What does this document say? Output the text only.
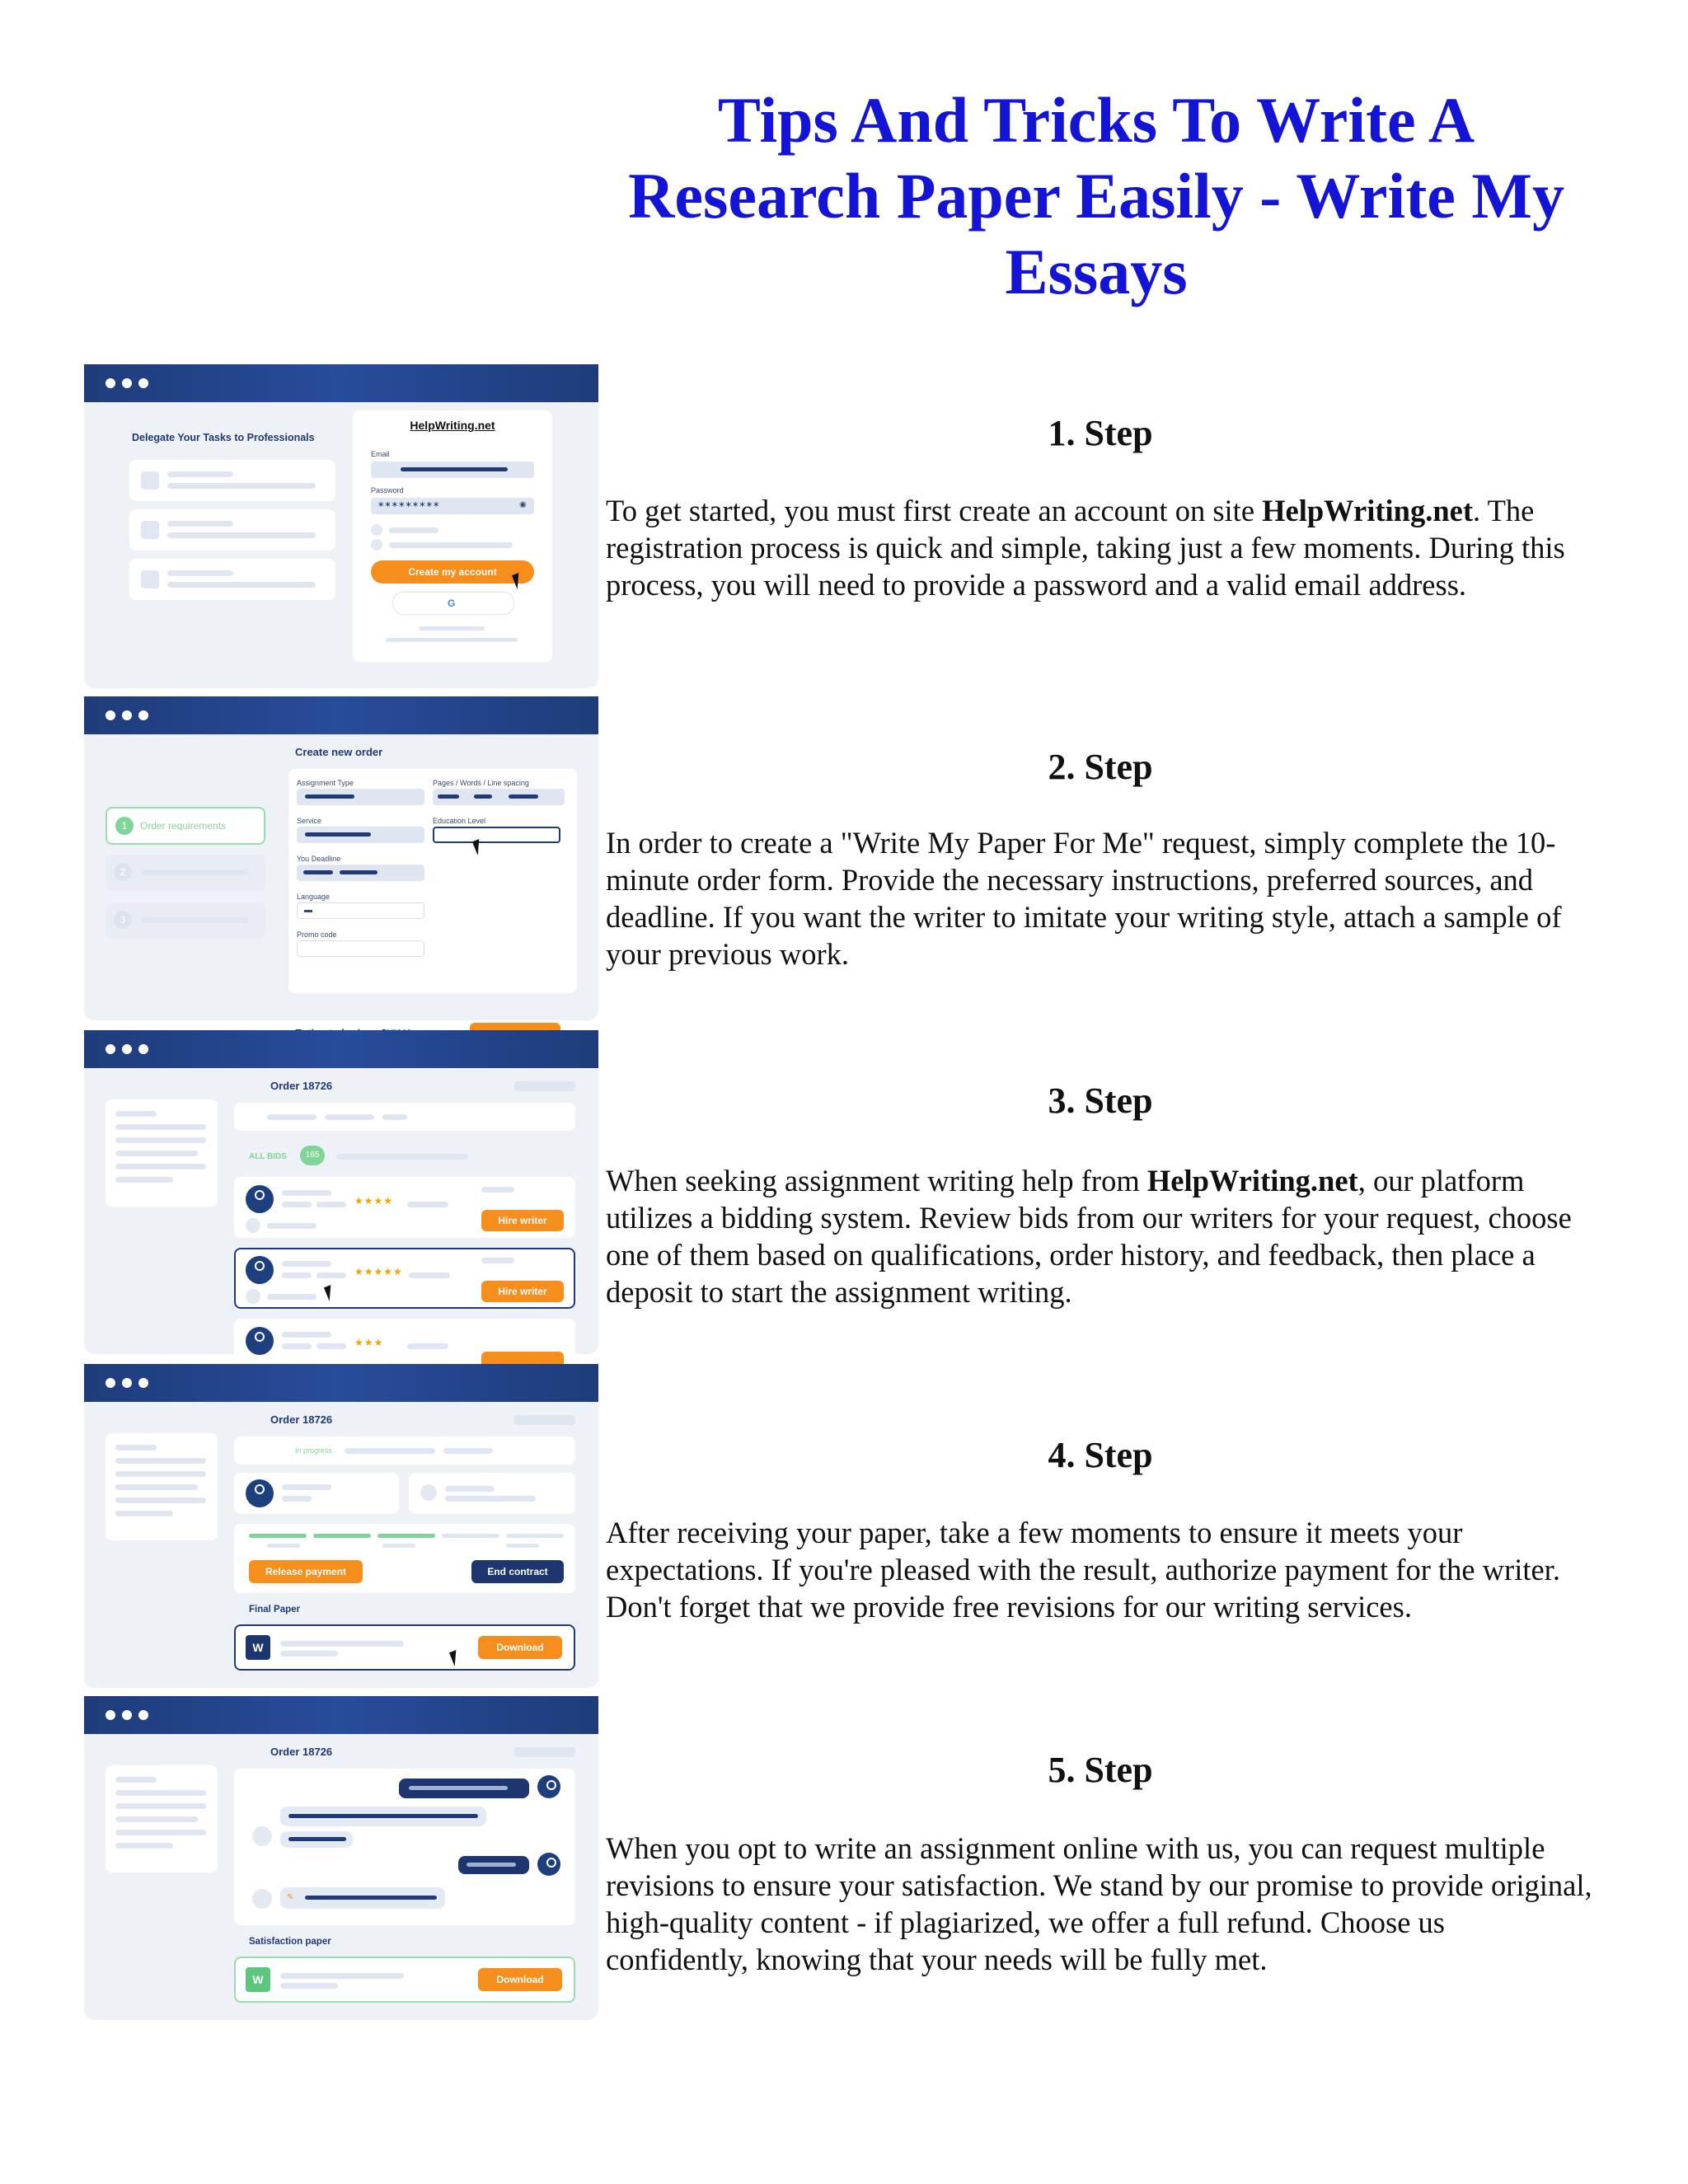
Tips And Tricks To Write A Research Paper Easily - Write My Essays
1. Step

To get started, you must first create an account on site HelpWriting.net. The registration process is quick and simple, taking just a few moments. During this process, you will need to provide a password and a valid email address.

2. Step

In order to create a "Write My Paper For Me" request, simply complete the 10-minute order form. Provide the necessary instructions, preferred sources, and deadline. If you want the writer to imitate your writing style, attach a sample of your previous work.

3. Step

When seeking assignment writing help from HelpWriting.net, our platform utilizes a bidding system. Review bids from our writers for your request, choose one of them based on qualifications, order history, and feedback, then place a deposit to start the assignment writing.

4. Step

After receiving your paper, take a few moments to ensure it meets your expectations. If you're pleased with the result, authorize payment for the writer. Don't forget that we provide free revisions for our writing services.

5. Step

When you opt to write an assignment online with us, you can request multiple revisions to ensure your satisfaction. We stand by our promise to provide original, high-quality content - if plagiarized, we offer a full refund. Choose us confidently, knowing that your needs will be fully met.

Delegate Your Tasks to Professionals
HelpWriting.net
Email
Password
∗∗∗∗∗∗∗∗∗	◉
Create my account
G
1	Order requirements
2
3
Create new order
Assignment Type	Pages / Words / Line spacing
Service	Education Level
You Deadline
Language
▬
Promo code
Order 18726
ALL BIDS	165
★★★★
Hire writer
★★★★★
Hire writer
★★★
Order 18726
In progress
Release payment	End contract
Final Paper
W	Download
Order 18726
✎
Satisfaction paper
W	Download
